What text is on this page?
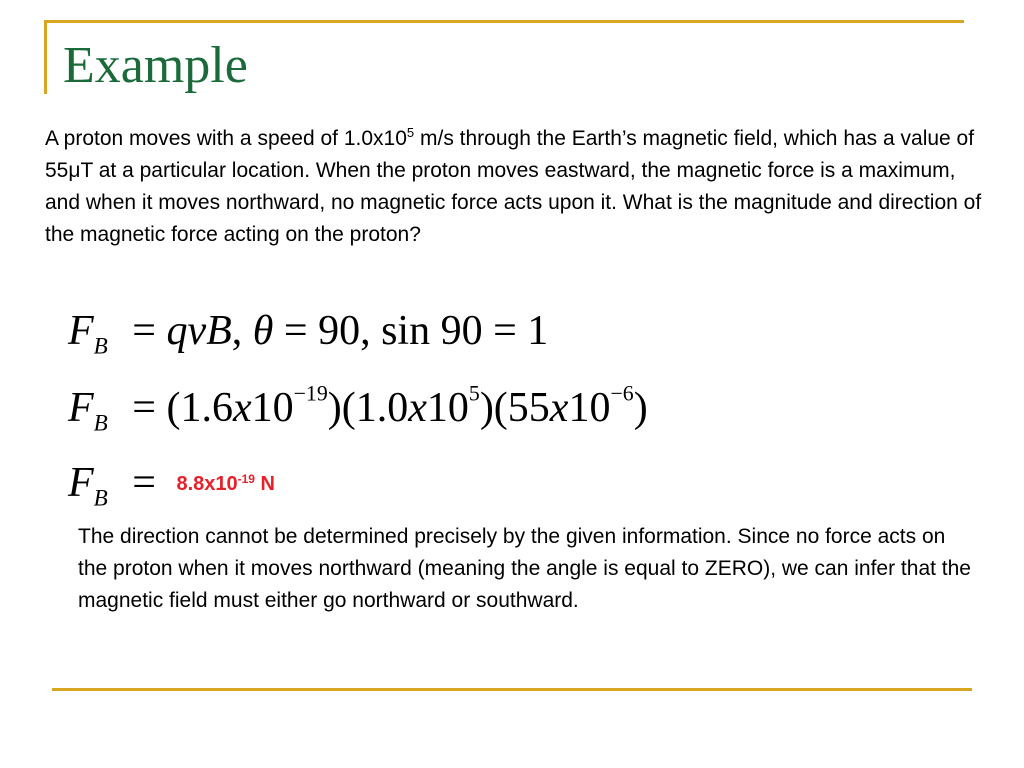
Example

A proton moves with a speed of $1.0x10^5$ m/s through the Earth’s magnetic field, which has a value of 55μT at a particular location. When the proton moves eastward, the magnetic force is a maximum, and when it moves northward, no magnetic force acts upon it. What is the magnitude and direction of the magnetic force acting on the proton?

$F_B$ = qvB, θ = 90, sin 90 = 1
$F_B = (1.6x10^{-19})(1.0x10^5)(55x10^{-6})$
$F_B = 8.8x10^{-19}$ N

The direction cannot be determined precisely by the given information. Since no force acts on the proton when it moves northward (meaning the angle is equal to ZERO), we can infer that the magnetic field must either go northward or southward.
